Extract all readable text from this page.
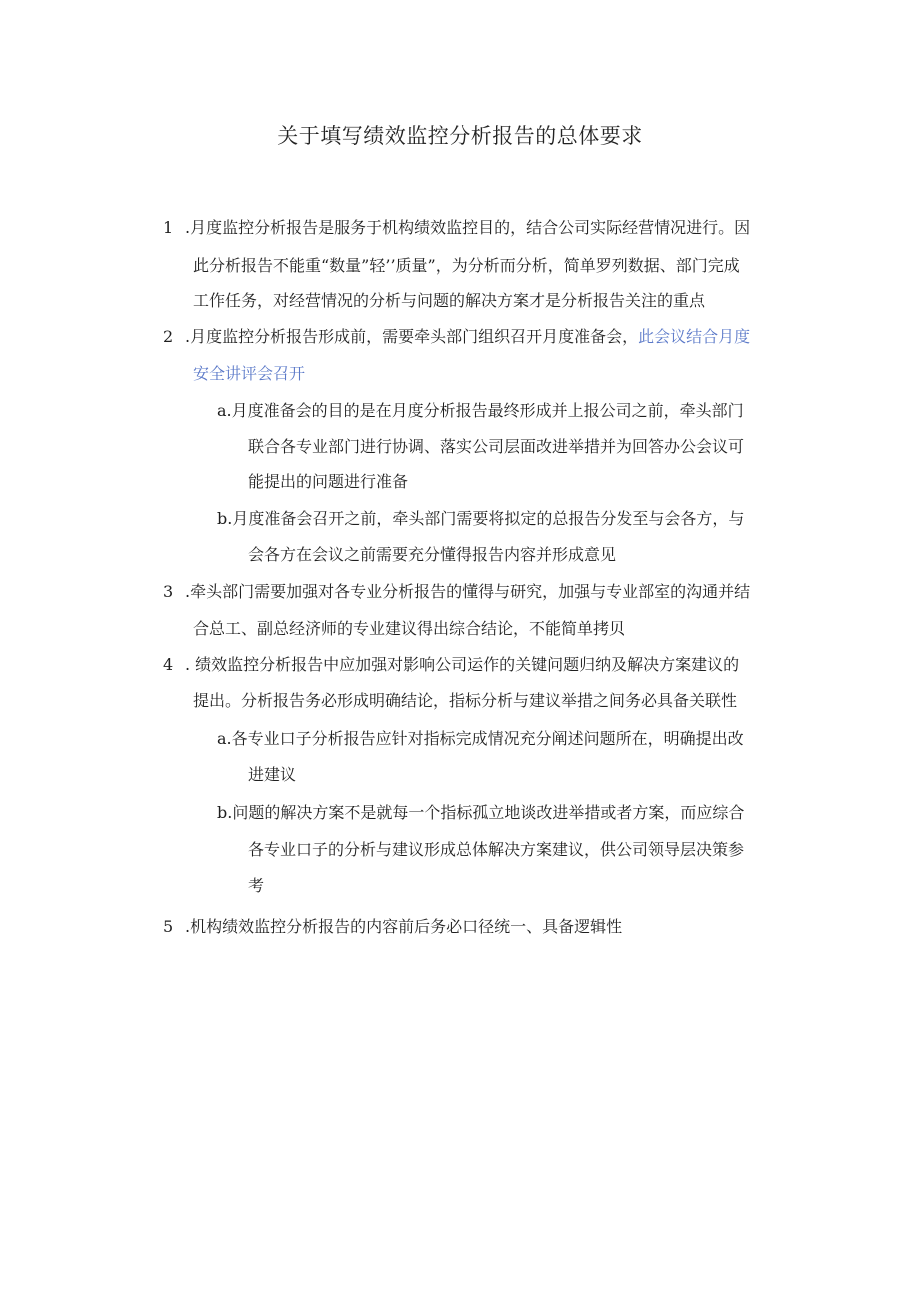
关于填写绩效监控分析报告的总体要求
1 .月度监控分析报告是服务于机构绩效监控目的，结合公司实际经营情况进行。因
此分析报告不能重“数量”轻’’质量”，为分析而分析，简单罗列数据、部门完成
工作任务，对经营情况的分析与问题的解决方案才是分析报告关注的重点
2 .月度监控分析报告形成前，需要牵头部门组织召开月度准备会，此会议结合月度
安全讲评会召开
a.月度准备会的目的是在月度分析报告最终形成并上报公司之前，牵头部门
联合各专业部门进行协调、落实公司层面改进举措并为回答办公会议可
能提出的问题进行准备
b.月度准备会召开之前，牵头部门需要将拟定的总报告分发至与会各方，与
会各方在会议之前需要充分懂得报告内容并形成意见
3 .牵头部门需要加强对各专业分析报告的懂得与研究，加强与专业部室的沟通并结
合总工、副总经济师的专业建议得出综合结论，不能简单拷贝
4 . 绩效监控分析报告中应加强对影响公司运作的关键问题归纳及解决方案建议的
提出。分析报告务必形成明确结论，指标分析与建议举措之间务必具备关联性
a.各专业口子分析报告应针对指标完成情况充分阐述问题所在，明确提出改
进建议
b.问题的解决方案不是就每一个指标孤立地谈改进举措或者方案，而应综合
各专业口子的分析与建议形成总体解决方案建议，供公司领导层决策参
考
5 .机构绩效监控分析报告的内容前后务必口径统一、具备逻辑性
